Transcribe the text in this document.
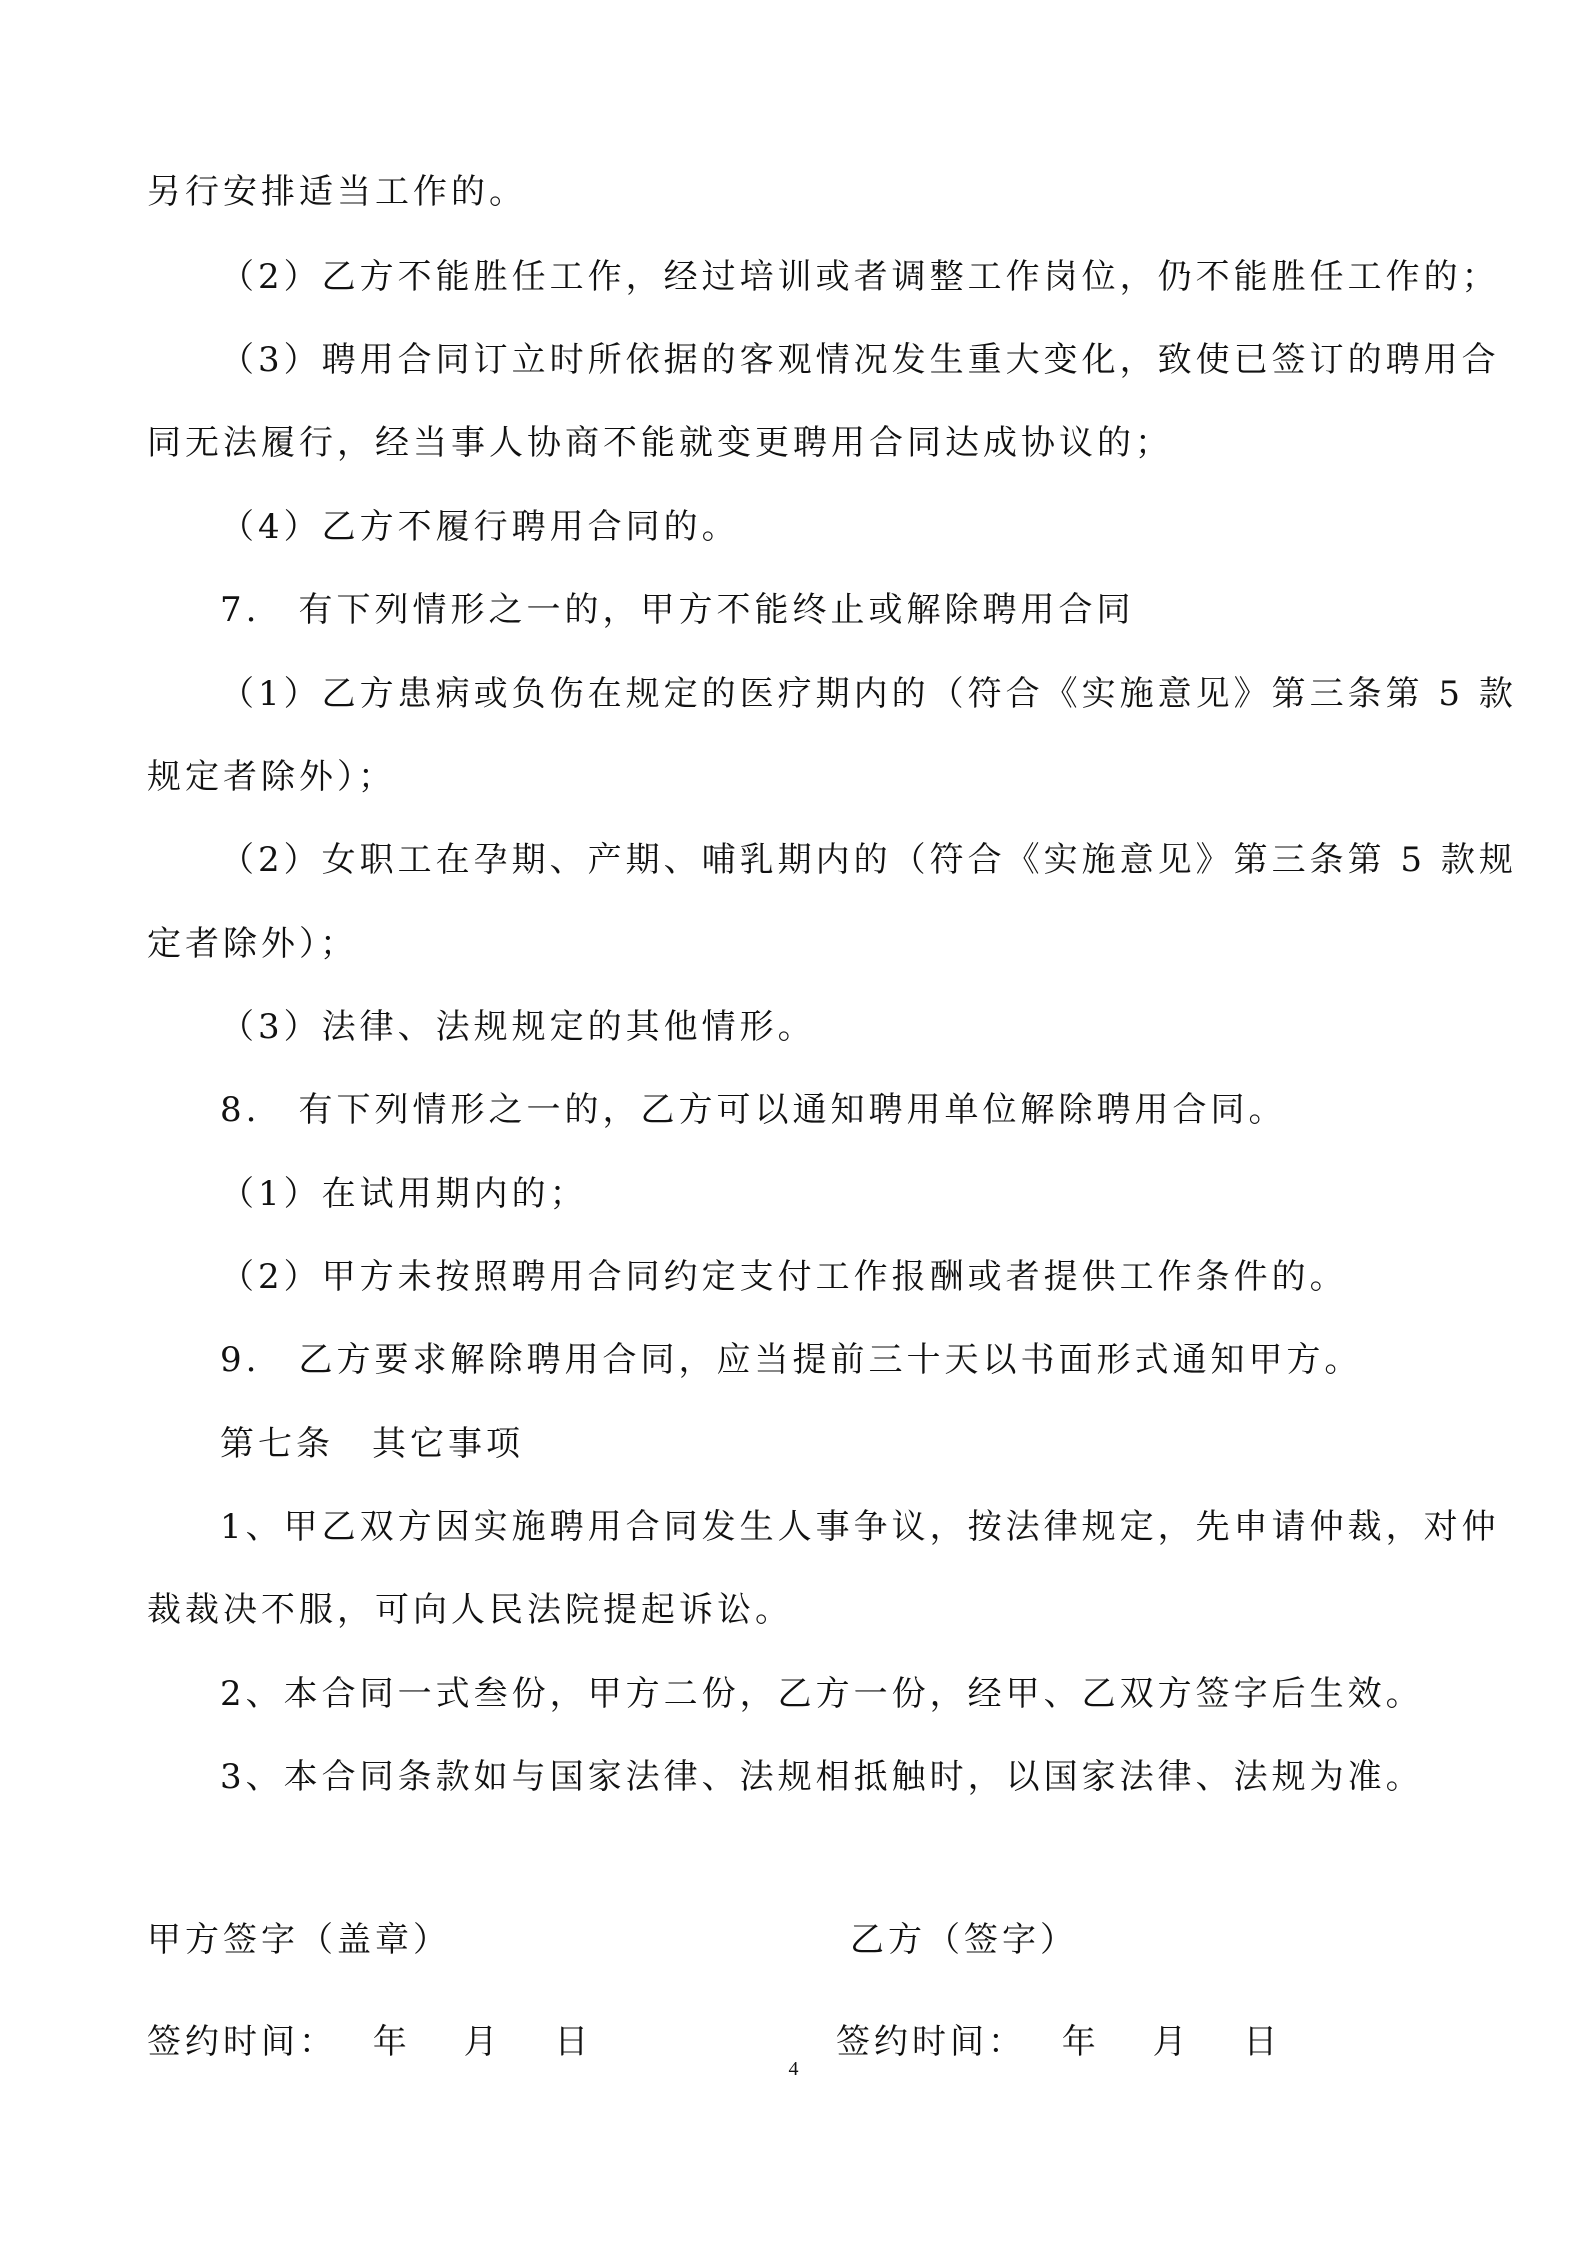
另行安排适当工作的。
（2）乙方不能胜任工作，经过培训或者调整工作岗位，仍不能胜任工作的；
（3）聘用合同订立时所依据的客观情况发生重大变化，致使已签订的聘用合
同无法履行，经当事人协商不能就变更聘用合同达成协议的；
（4）乙方不履行聘用合同的。
7.　有下列情形之一的，甲方不能终止或解除聘用合同
（1）乙方患病或负伤在规定的医疗期内的（符合《实施意见》第三条第 5 款
规定者除外）；
（2）女职工在孕期、产期、哺乳期内的（符合《实施意见》第三条第 5 款规
定者除外）；
（3）法律、法规规定的其他情形。
8.　有下列情形之一的，乙方可以通知聘用单位解除聘用合同。
（1）在试用期内的；
（2）甲方未按照聘用合同约定支付工作报酬或者提供工作条件的。
9.　乙方要求解除聘用合同，应当提前三十天以书面形式通知甲方。
第七条　其它事项
1、甲乙双方因实施聘用合同发生人事争议，按法律规定，先申请仲裁，对仲
裁裁决不服，可向人民法院提起诉讼。
2、本合同一式叁份，甲方二份，乙方一份，经甲、乙双方签字后生效。
3、本合同条款如与国家法律、法规相抵触时，以国家法律、法规为准。
甲方签字（盖章）	乙方（签字）
签约时间：　 年　 月　 日	签约时间：　 年　 月　 日
4
